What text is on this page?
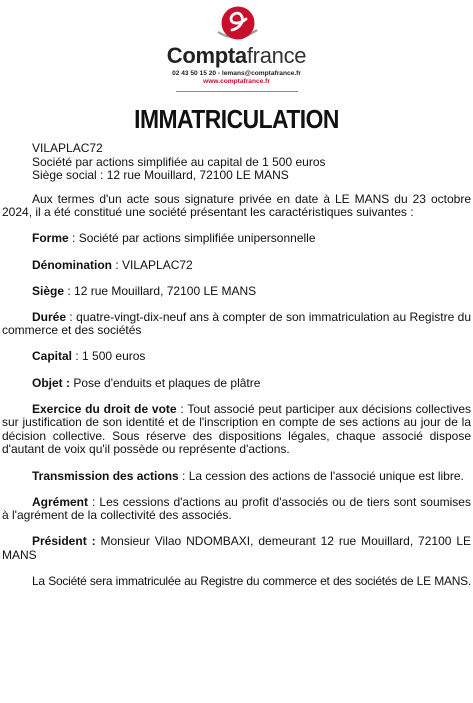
Comptafrance
02 43 50 15 20 - lemans@comptafrance.fr
www.comptafrance.fr
IMMATRICULATION

VILAPLAC72

Société par actions simplifiée au capital de 1 500 euros

Siège social : 12 rue Mouillard, 72100 LE MANS

Aux termes d'un acte sous signature privée en date à LE MANS du 23 octobre 2024, il a été constitué une société présentant les caractéristiques suivantes :

Forme : Société par actions simplifiée unipersonnelle

Dénomination : VILAPLAC72

Siège : 12 rue Mouillard, 72100 LE MANS

Durée : quatre-vingt-dix-neuf ans à compter de son immatriculation au Registre du commerce et des sociétés

Capital : 1 500 euros

Objet : Pose d'enduits et plaques de plâtre

Exercice du droit de vote : Tout associé peut participer aux décisions collectives sur justification de son identité et de l'inscription en compte de ses actions au jour de la décision collective. Sous réserve des dispositions légales, chaque associé dispose d'autant de voix qu'il possède ou représente d'actions.

Transmission des actions : La cession des actions de l'associé unique est libre.

Agrément : Les cessions d'actions au profit d'associés ou de tiers sont soumises à l'agrément de la collectivité des associés.

Président : Monsieur Vilao NDOMBAXI, demeurant 12 rue Mouillard, 72100 LE MANS

La Société sera immatriculée au Registre du commerce et des sociétés de LE MANS.
